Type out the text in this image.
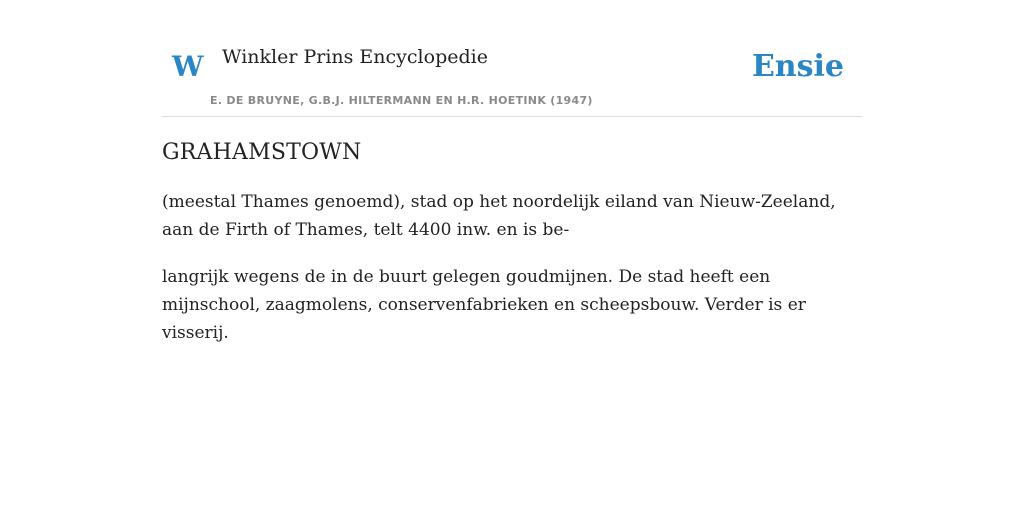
W Winkler Prins Encyclopedie
E. DE BRUYNE, G.B.J. HILTERMANN EN H.R. HOETINK (1947)
Ensie
GRAHAMSTOWN

(meestal Thames genoemd), stad op het noordelijk eiland van Nieuw-Zeeland, aan de Firth of Thames, telt 4400 inw. en is be-

langrijk wegens de in de buurt gelegen goudmijnen. De stad heeft een mijnschool, zaagmolens, conservenfabrieken en scheepsbouw. Verder is er visserij.
